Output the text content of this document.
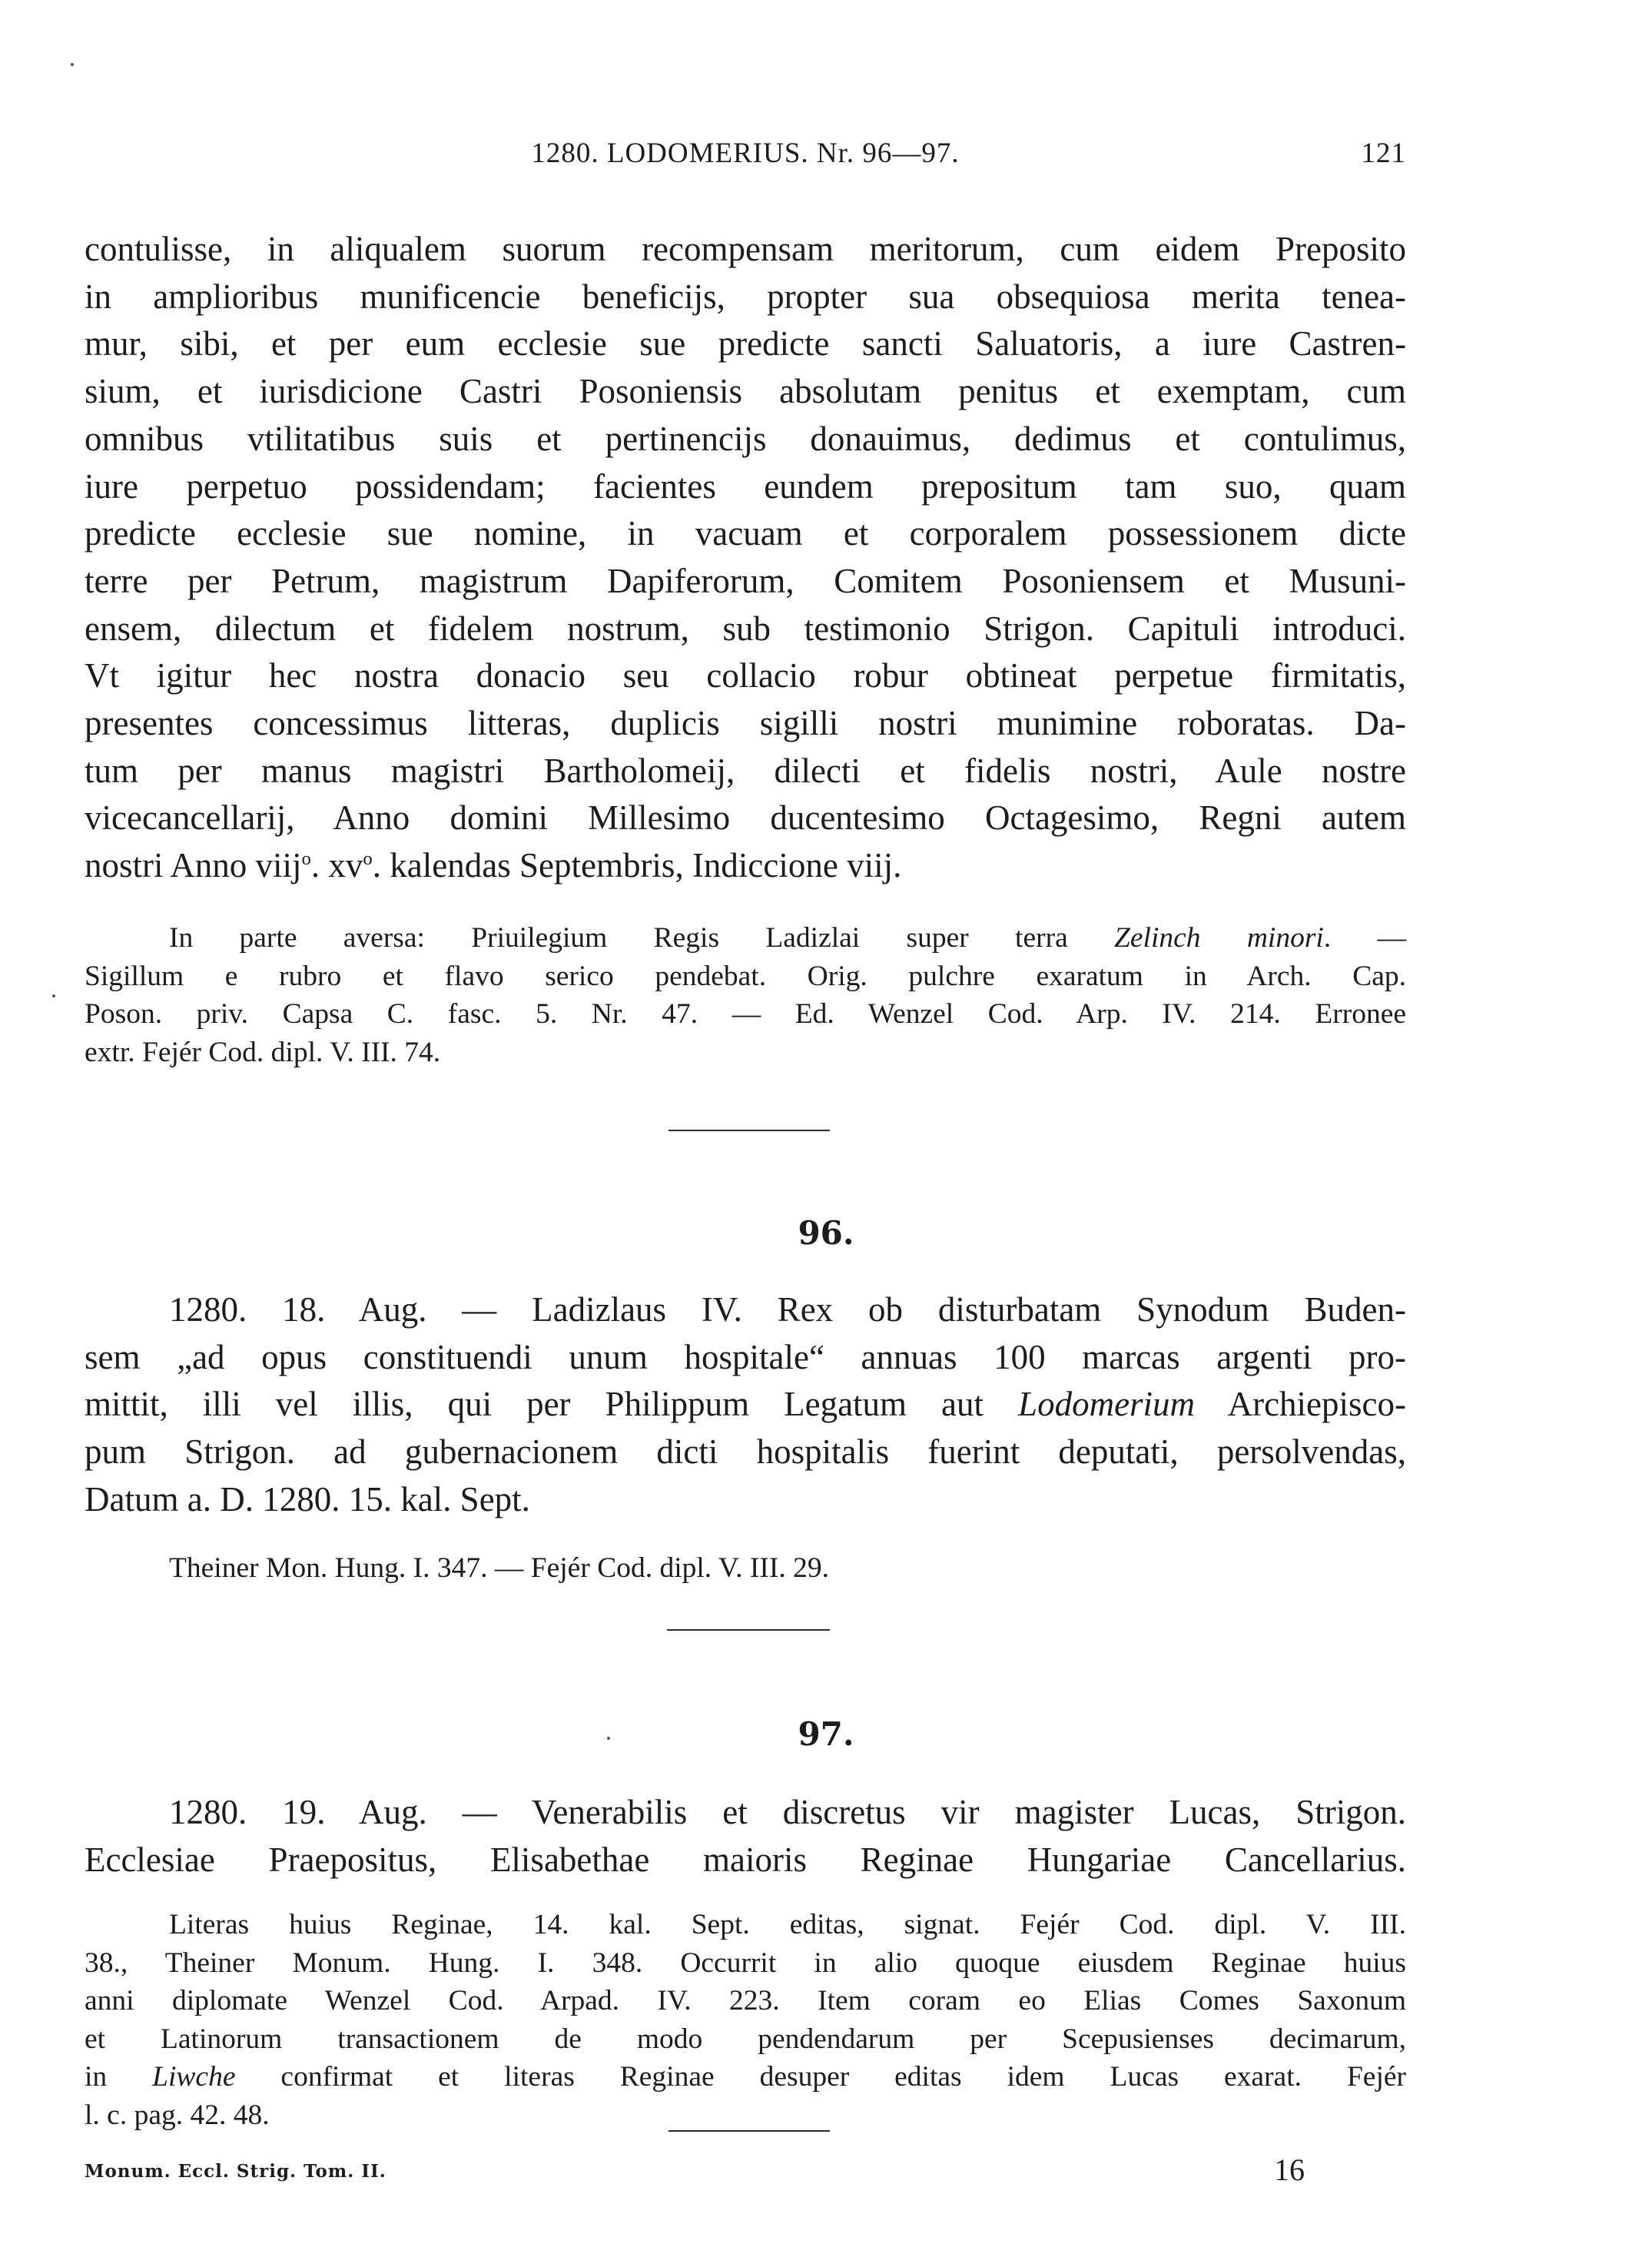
1280. LODOMERIUS. Nr. 96—97.	121
contulisse, in aliqualem suorum recompensam meritorum, cum eidem Preposito
in amplioribus munificencie beneficijs, propter sua obsequiosa merita tenea-
mur, sibi, et per eum ecclesie sue predicte sancti Saluatoris, a iure Castren-
sium, et iurisdicione Castri Posoniensis absolutam penitus et exemptam, cum
omnibus vtilitatibus suis et pertinencijs donauimus, dedimus et contulimus,
iure perpetuo possidendam; facientes eundem prepositum tam suo, quam
predicte ecclesie sue nomine, in vacuam et corporalem possessionem dicte
terre per Petrum, magistrum Dapiferorum, Comitem Posoniensem et Musuni-
ensem, dilectum et fidelem nostrum, sub testimonio Strigon. Capituli introduci.
Vt igitur hec nostra donacio seu collacio robur obtineat perpetue firmitatis,
presentes concessimus litteras, duplicis sigilli nostri munimine roboratas. Da-
tum per manus magistri Bartholomeij, dilecti et fidelis nostri, Aule nostre
vicecancellarij, Anno domini Millesimo ducentesimo Octagesimo, Regni autem
nostri Anno viij$^o$. $xv^o$. kalendas Septembris, Indiccione viij.
In parte aversa: Priuilegium Regis Ladizlai super terra Zelinch minori. —
Sigillum e rubro et flavo serico pendebat. Orig. pulchre exaratum in Arch. Cap.
Poson. priv. Capsa C. fasc. 5. Nr. 47. — Ed. Wenzel Cod. Arp. IV. 214. Erronee
extr. Fejér Cod. dipl. V. III. 74.
96.
1280. 18. Aug. — Ladizlaus IV. Rex ob disturbatam Synodum Buden-
sem „ad opus constituendi unum hospitale“ annuas 100 marcas argenti pro-
mittit, illi vel illis, qui per Philippum Legatum aut Lodomerium Archiepisco-
pum Strigon. ad gubernacionem dicti hospitalis fuerint deputati, persolvendas,
Datum a. D. 1280. 15. kal. Sept.
Theiner Mon. Hung. I. 347. — Fejér Cod. dipl. V. III. 29.
97.
1280. 19. Aug. — Venerabilis et discretus vir magister Lucas, Strigon.
Ecclesiae Praepositus, Elisabethae maioris Reginae Hungariae Cancellarius.
Literas huius Reginae, 14. kal. Sept. editas, signat. Fejér Cod. dipl. V. III.
38., Theiner Monum. Hung. I. 348. Occurrit in alio quoque eiusdem Reginae huius
anni diplomate Wenzel Cod. Arpad. IV. 223. Item coram eo Elias Comes Saxonum
et Latinorum transactionem de modo pendendarum per Scepusienses decimarum,
in Liwche confirmat et literas Reginae desuper editas idem Lucas exarat. Fejér
l. c. pag. 42. 48.
Monum. Eccl. Strig. Tom. II.	16
